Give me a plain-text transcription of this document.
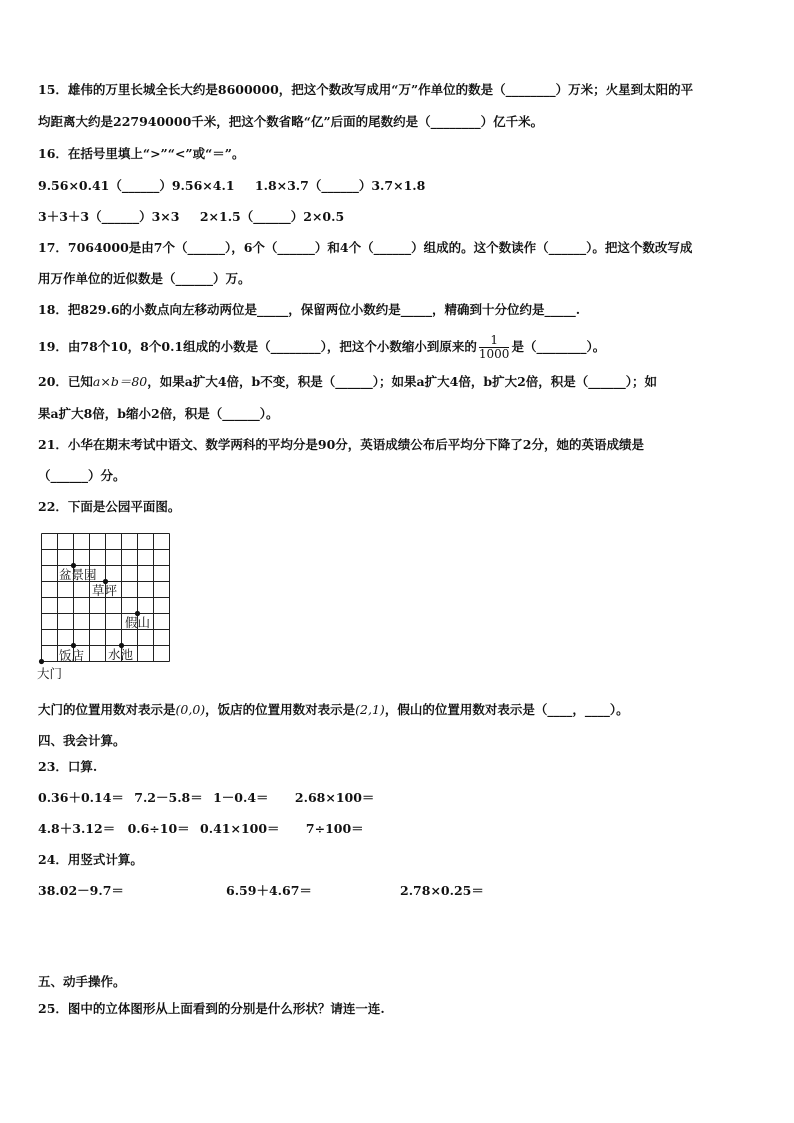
15．雄伟的万里长城全长大约是8600000，把这个数改写成用“万”作单位的数是（________）万米；火星到太阳的平
均距离大约是227940000千米，把这个数省略“亿”后面的尾数约是（________）亿千米。
16．在括号里填上“>”“<”或“＝”。
9.56×0.41（______）9.56×4.1 1.8×3.7（______）3.7×1.8
3＋3＋3（______）3×3 2×1.5（______）2×0.5
17．7064000是由7个（______），6个（______）和4个（______）组成的。这个数读作（______）。把这个数改写成
用万作单位的近似数是（______）万。
18．把829.6的小数点向左移动两位是_____，保留两位小数约是_____，精确到十分位约是_____.
19．由78个10，8个0.1组成的小数是（________），把这个小数缩小到原来的 $\frac{1}{1000}$ 是（________）。
20．已知a×b＝80，如果a扩大4倍，b不变，积是（______）；如果a扩大4倍，b扩大2倍，积是（______）；如
果a扩大8倍，b缩小2倍，积是（______）。
21．小华在期末考试中语文、数学两科的平均分是90分，英语成绩公布后平均分下降了2分，她的英语成绩是
（______）分。
22．下面是公园平面图。
盆景园
草坪
假山
饭店 水池
大门
大门的位置用数对表示是(0,0)，饭店的位置用数对表示是(2,1)，假山的位置用数对表示是（____，____）。
四、我会计算。
23．口算.
0.36＋0.14＝ 7.2－5.8＝ 1－0.4＝ 2.68×100＝
4.8＋3.12＝ 0.6÷10＝ 0.41×100＝ 7÷100＝
24．用竖式计算。
38.02－9.7＝	6.59＋4.67＝	2.78×0.25＝
五、动手操作。
25．图中的立体图形从上面看到的分别是什么形状？请连一连.
